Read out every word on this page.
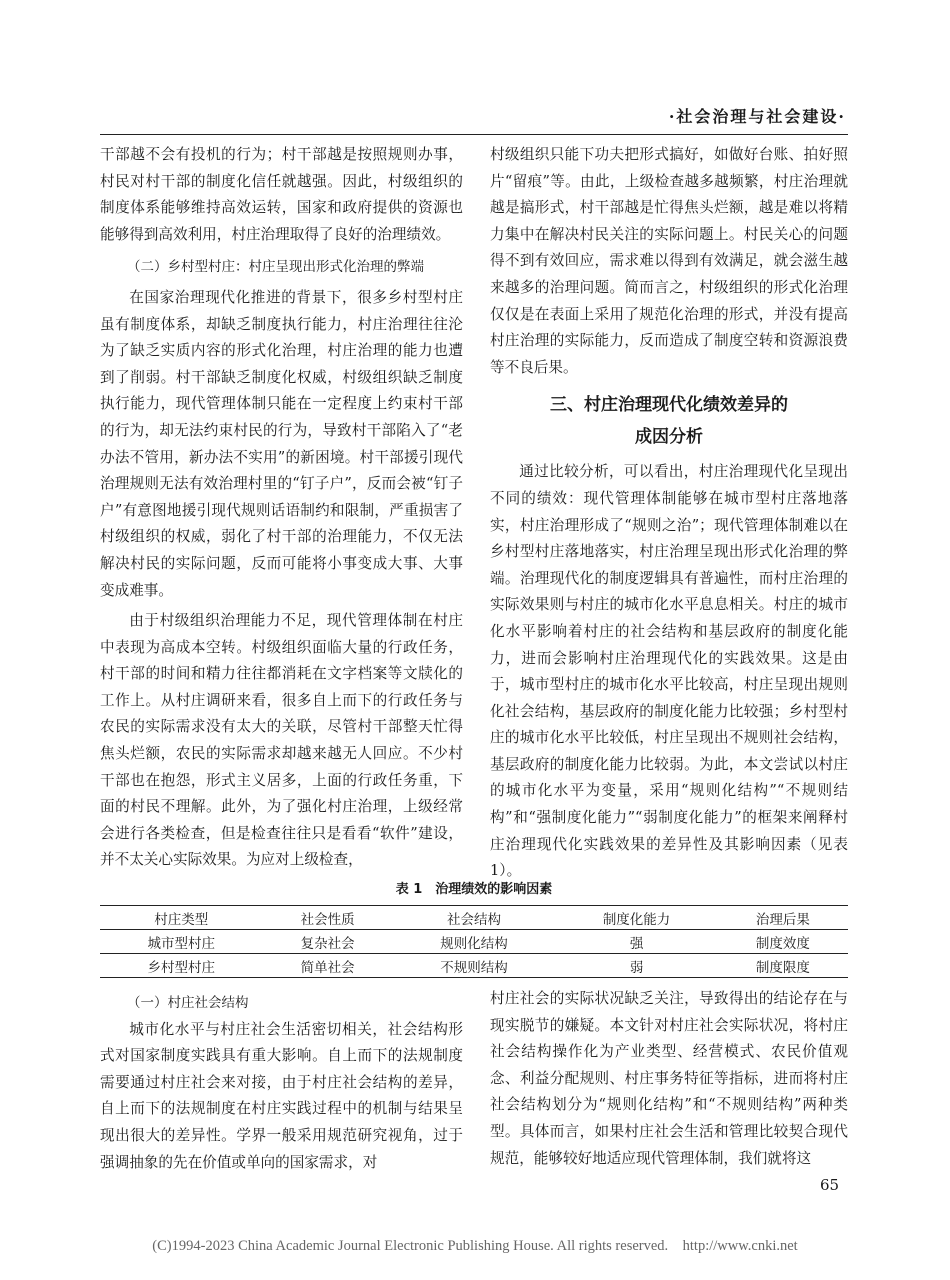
·社会治理与社会建设·

干部越不会有投机的行为；村干部越是按照规则办事，村民对村干部的制度化信任就越强。因此，村级组织的制度体系能够维持高效运转，国家和政府提供的资源也能够得到高效利用，村庄治理取得了良好的治理绩效。

（二）乡村型村庄：村庄呈现出形式化治理的弊端

在国家治理现代化推进的背景下，很多乡村型村庄虽有制度体系，却缺乏制度执行能力，村庄治理往往沦为了缺乏实质内容的形式化治理，村庄治理的能力也遭到了削弱。村干部缺乏制度化权威，村级组织缺乏制度执行能力，现代管理体制只能在一定程度上约束村干部的行为，却无法约束村民的行为，导致村干部陷入了“老办法不管用，新办法不实用”的新困境。村干部援引现代治理规则无法有效治理村里的“钉子户”，反而会被“钉子户”有意图地援引现代规则话语制约和限制，严重损害了村级组织的权威，弱化了村干部的治理能力，不仅无法解决村民的实际问题，反而可能将小事变成大事、大事变成难事。

由于村级组织治理能力不足，现代管理体制在村庄中表现为高成本空转。村级组织面临大量的行政任务，村干部的时间和精力往往都消耗在文字档案等文牍化的工作上。从村庄调研来看，很多自上而下的行政任务与农民的实际需求没有太大的关联，尽管村干部整天忙得焦头烂额，农民的实际需求却越来越无人回应。不少村干部也在抱怨，形式主义居多，上面的行政任务重，下面的村民不理解。此外，为了强化村庄治理，上级经常会进行各类检查，但是检查往往只是看看“软件”建设，并不太关心实际效果。为应对上级检查，

村级组织只能下功夫把形式搞好，如做好台账、拍好照片“留痕”等。由此，上级检查越多越频繁，村庄治理就越是搞形式，村干部越是忙得焦头烂额，越是难以将精力集中在解决村民关注的实际问题上。村民关心的问题得不到有效回应，需求难以得到有效满足，就会滋生越来越多的治理问题。简而言之，村级组织的形式化治理仅仅是在表面上采用了规范化治理的形式，并没有提高村庄治理的实际能力，反而造成了制度空转和资源浪费等不良后果。

三、村庄治理现代化绩效差异的
成因分析

通过比较分析，可以看出，村庄治理现代化呈现出不同的绩效：现代管理体制能够在城市型村庄落地落实，村庄治理形成了“规则之治”；现代管理体制难以在乡村型村庄落地落实，村庄治理呈现出形式化治理的弊端。治理现代化的制度逻辑具有普遍性，而村庄治理的实际效果则与村庄的城市化水平息息相关。村庄的城市化水平影响着村庄的社会结构和基层政府的制度化能力，进而会影响村庄治理现代化的实践效果。这是由于，城市型村庄的城市化水平比较高，村庄呈现出规则化社会结构，基层政府的制度化能力比较强；乡村型村庄的城市化水平比较低，村庄呈现出不规则社会结构，基层政府的制度化能力比较弱。为此，本文尝试以村庄的城市化水平为变量，采用“规则化结构”“不规则结构”和“强制度化能力”“弱制度化能力”的框架来阐释村庄治理现代化实践效果的差异性及其影响因素（见表1）。

表 1　治理绩效的影响因素
村庄类型	社会性质	社会结构	制度化能力	治理后果
城市型村庄	复杂社会	规则化结构	强	制度效度
乡村型村庄	简单社会	不规则结构	弱	制度限度

（一）村庄社会结构

城市化水平与村庄社会生活密切相关，社会结构形式对国家制度实践具有重大影响。自上而下的法规制度需要通过村庄社会来对接，由于村庄社会结构的差异，自上而下的法规制度在村庄实践过程中的机制与结果呈现出很大的差异性。学界一般采用规范研究视角，过于强调抽象的先在价值或单向的国家需求，对

村庄社会的实际状况缺乏关注，导致得出的结论存在与现实脱节的嫌疑。本文针对村庄社会实际状况，将村庄社会结构操作化为产业类型、经营模式、农民价值观念、利益分配规则、村庄事务特征等指标，进而将村庄社会结构划分为“规则化结构”和“不规则结构”两种类型。具体而言，如果村庄社会生活和管理比较契合现代规范，能够较好地适应现代管理体制，我们就将这

65
(C)1994-2023 China Academic Journal Electronic Publishing House. All rights reserved.　http://www.cnki.net
